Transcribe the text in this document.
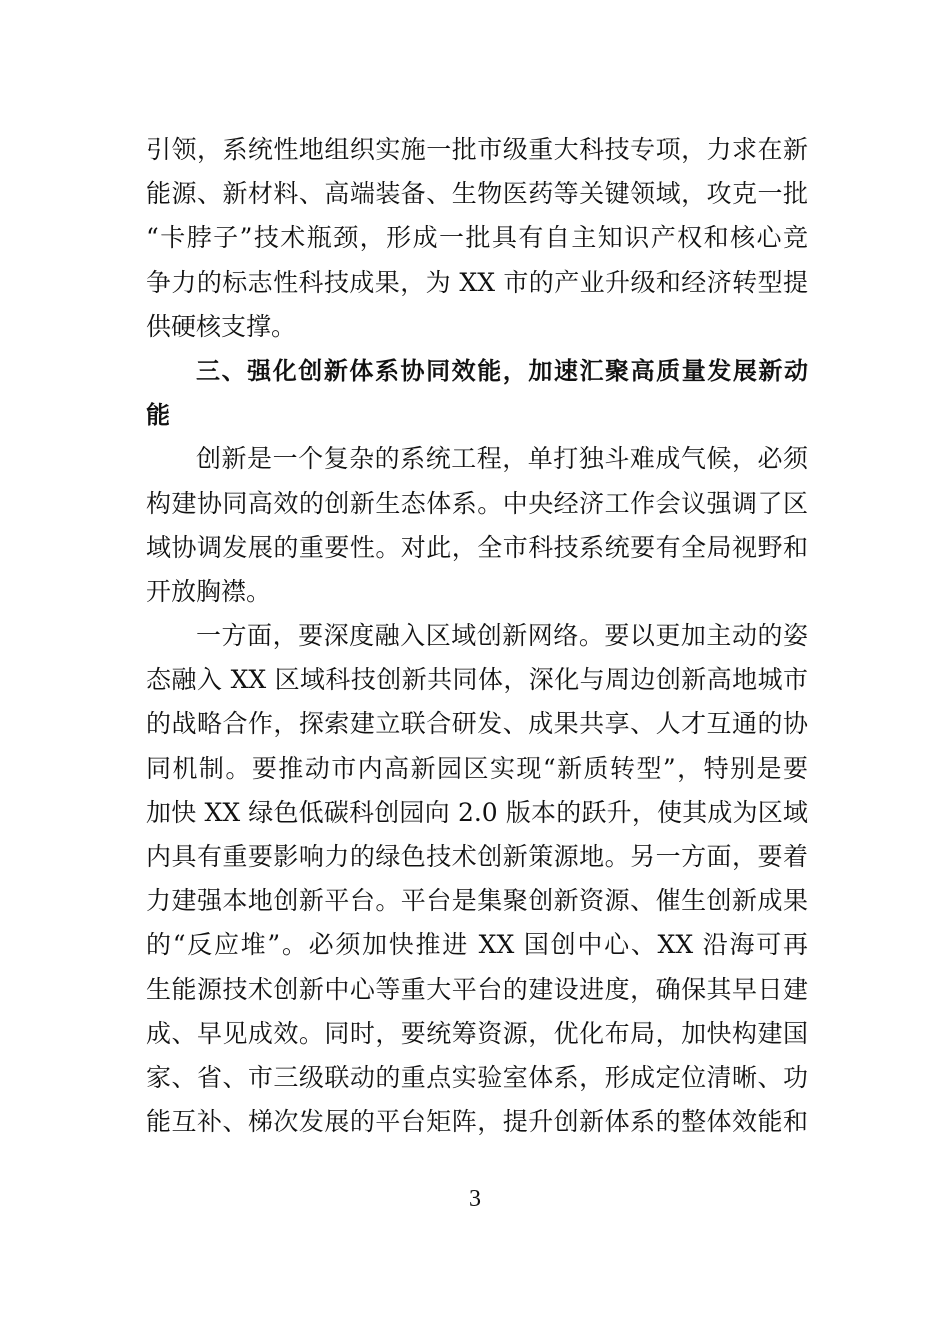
引领，系统性地组织实施一批市级重大科技专项，力求在新
能源、新材料、高端装备、生物医药等关键领域，攻克一批
“卡脖子”技术瓶颈，形成一批具有自主知识产权和核心竞
争力的标志性科技成果，为 XX 市的产业升级和经济转型提
供硬核支撑。
三、强化创新体系协同效能，加速汇聚高质量发展新动
能
创新是一个复杂的系统工程，单打独斗难成气候，必须
构建协同高效的创新生态体系。中央经济工作会议强调了区
域协调发展的重要性。对此，全市科技系统要有全局视野和
开放胸襟。
一方面，要深度融入区域创新网络。要以更加主动的姿
态融入 XX 区域科技创新共同体，深化与周边创新高地城市
的战略合作，探索建立联合研发、成果共享、人才互通的协
同机制。要推动市内高新园区实现“新质转型”，特别是要
加快 XX 绿色低碳科创园向 2.0 版本的跃升，使其成为区域
内具有重要影响力的绿色技术创新策源地。另一方面，要着
力建强本地创新平台。平台是集聚创新资源、催生创新成果
的“反应堆”。必须加快推进 XX 国创中心、XX 沿海可再
生能源技术创新中心等重大平台的建设进度，确保其早日建
成、早见成效。同时，要统筹资源，优化布局，加快构建国
家、省、市三级联动的重点实验室体系，形成定位清晰、功
能互补、梯次发展的平台矩阵，提升创新体系的整体效能和
3
